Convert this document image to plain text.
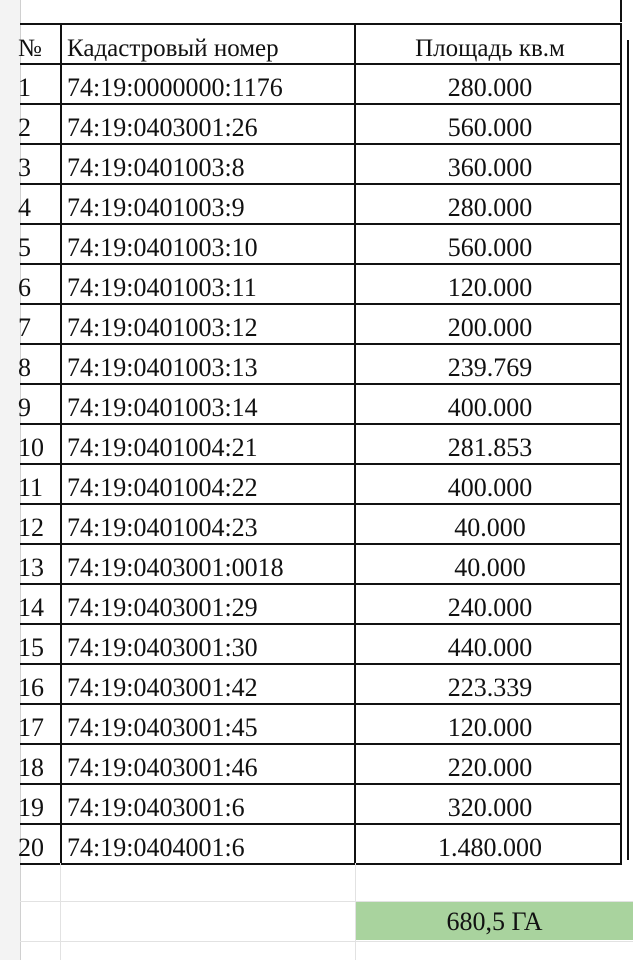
№	Кадастровый номер	Площадь кв.м
1	74:19:0000000:1176	280.000
2	74:19:0403001:26	560.000
3	74:19:0401003:8	360.000
4	74:19:0401003:9	280.000
5	74:19:0401003:10	560.000
6	74:19:0401003:11	120.000
7	74:19:0401003:12	200.000
8	74:19:0401003:13	239.769
9	74:19:0401003:14	400.000
10 74:19:0401004:21	281.853
11 74:19:0401004:22	400.000
12 74:19:0401004:23	40.000
13 74:19:0403001:0018	40.000
14 74:19:0403001:29	240.000
15 74:19:0403001:30	440.000
16 74:19:0403001:42	223.339
17 74:19:0403001:45	120.000
18 74:19:0403001:46	220.000
19 74:19:0403001:6	320.000
20 74:19:0404001:6	1.480.000
680,5 ГА
